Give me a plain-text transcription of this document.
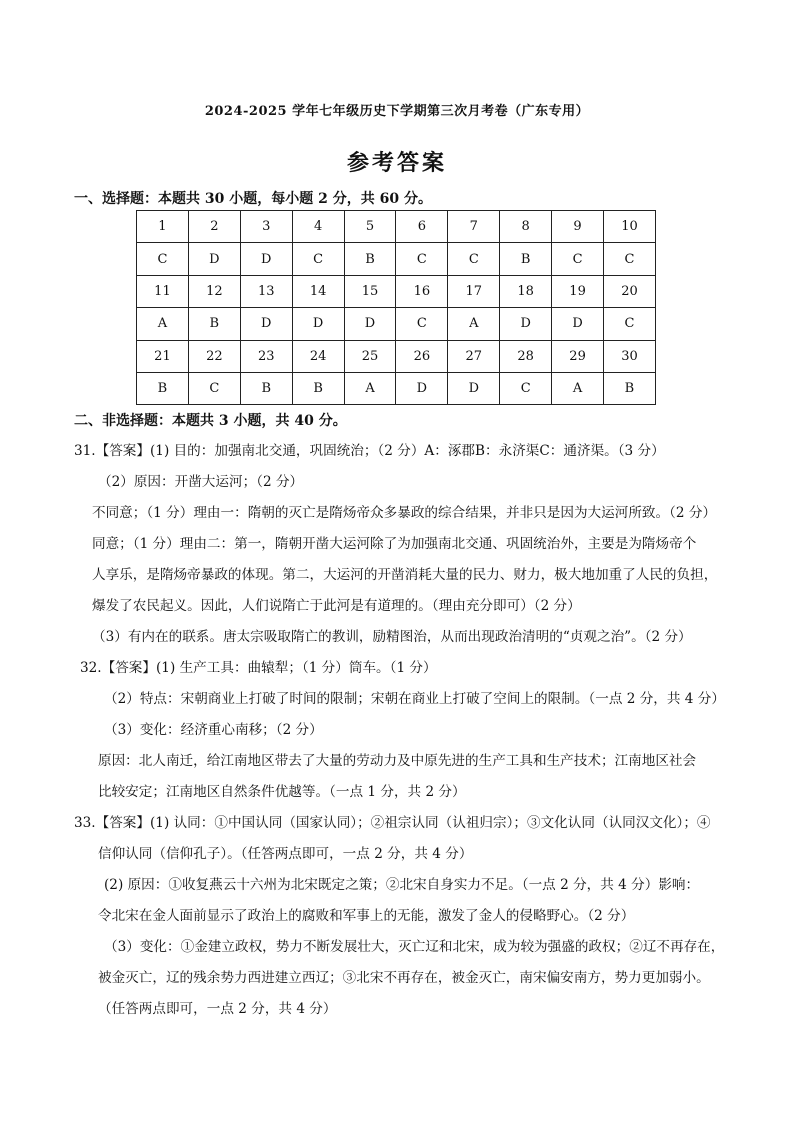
2024-2025 学年七年级历史下学期第三次月考卷（广东专用）
参考答案
一、选择题：本题共 30 小题，每小题 2 分，共 60 分。
1	2	3	4	5	6	7	8	9	10
C	D	D	C	B	C	C	B	C	C
11	12	13	14	15	16	17	18	19	20
A	B	D	D	D	C	A	D	D	C
21	22	23	24	25	26	27	28	29	30
B	C	B	B	A	D	D	C	A	B
二、非选择题：本题共 3 小题，共 40 分。
31.【答案】(1) 目的：加强南北交通，巩固统治；（2 分）A：涿郡B：永济渠C：通济渠。（3 分）
（2）原因：开凿大运河；（2 分）
不同意；（1 分）理由一：隋朝的灭亡是隋炀帝众多暴政的综合结果，并非只是因为大运河所致。（2 分）
同意；（1 分）理由二：第一，隋朝开凿大运河除了为加强南北交通、巩固统治外，主要是为隋炀帝个
人享乐，是隋炀帝暴政的体现。第二，大运河的开凿消耗大量的民力、财力，极大地加重了人民的负担，
爆发了农民起义。因此，人们说隋亡于此河是有道理的。（理由充分即可）（2 分）
（3）有内在的联系。唐太宗吸取隋亡的教训，励精图治，从而出现政治清明的“贞观之治”。（2 分）
32.【答案】(1) 生产工具：曲辕犁；（1 分）筒车。（1 分）
（2）特点：宋朝商业上打破了时间的限制；宋朝在商业上打破了空间上的限制。（一点 2 分，共 4 分）
（3）变化：经济重心南移；（2 分）
原因：北人南迁，给江南地区带去了大量的劳动力及中原先进的生产工具和生产技术；江南地区社会
比较安定；江南地区自然条件优越等。（一点 1 分，共 2 分）
33.【答案】(1) 认同：①中国认同（国家认同）；②祖宗认同（认祖归宗）；③文化认同（认同汉文化）；④
信仰认同（信仰孔子）。（任答两点即可，一点 2 分，共 4 分）
(2) 原因：①收复燕云十六州为北宋既定之策；②北宋自身实力不足。（一点 2 分，共 4 分）影响：
令北宋在金人面前显示了政治上的腐败和军事上的无能，激发了金人的侵略野心。（2 分）
（3）变化：①金建立政权，势力不断发展壮大，灭亡辽和北宋，成为较为强盛的政权；②辽不再存在，
被金灭亡，辽的残余势力西进建立西辽；③北宋不再存在，被金灭亡，南宋偏安南方，势力更加弱小。
（任答两点即可，一点 2 分，共 4 分）
